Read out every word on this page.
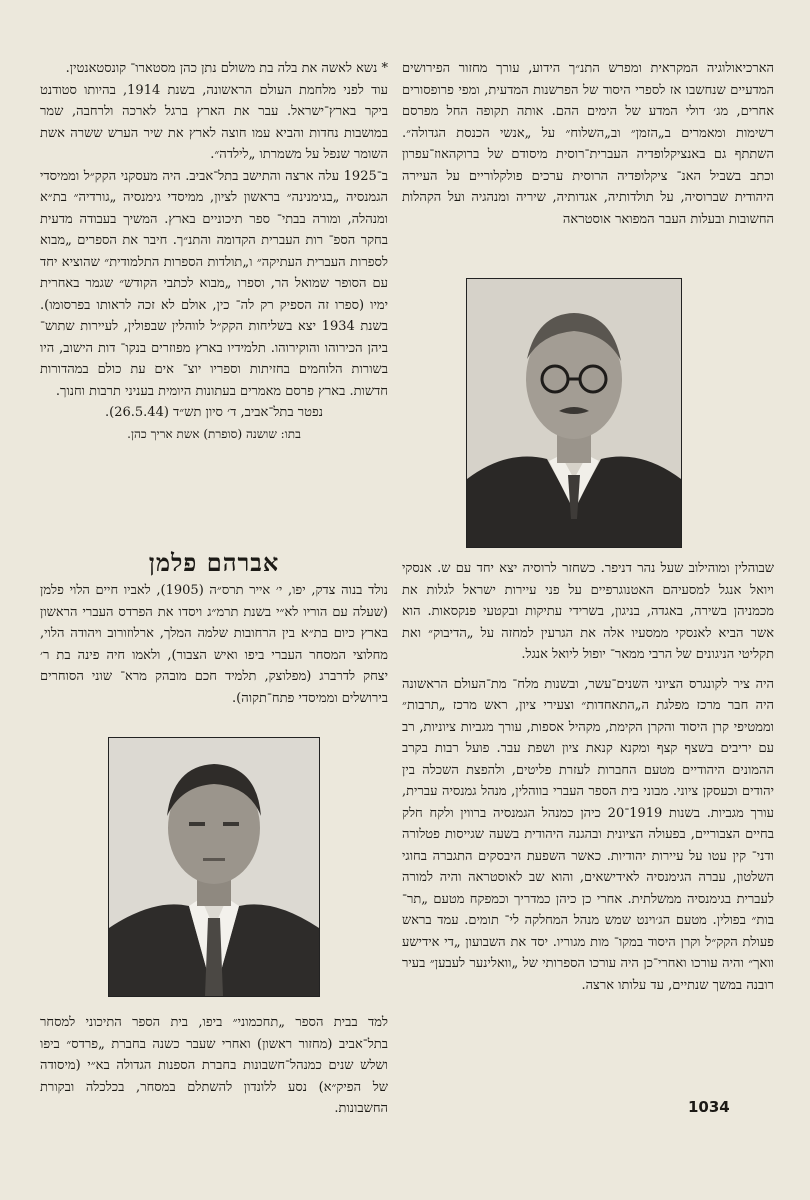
הארכיאולוגיה המקראית ומפרש התנ״ך הידוע, עורך מחזור הפירושים המדעיים שנחשבו אז לספרי היסוד של הפרשנות המדעית, ומפי פרופסורים אחרים, מג׳ דולי המדע של הימים ההם. אותה תקופה החל מפרסם רשימות ומאמרים ב„הזמן״ וב„השלוח״ על „אנשי הכנסת הגדולה״. השתתף גם באנציקלופדיה העברית־רוסית מיסודם של ברוקהאוז־עפרון וכתב בשביל האנ־ ציקלופדיה הרוסית ערכים פולקלוריים על העיירה היהודית שברוסיה, על תולדותיה, אגדותיה, שיריה ומנהגיה ועל הקהלות החשובות ובעלות העבר המפואר אוסטראה

שבוהלין ומוהילוב שעל נהר דניפר. כשחזר לרוסיה יצא יחד עם ש. אנסקי ויואל אנגל למסעיהם האטנוגרפיים על פני עיירות ישראל לגלות את מכמניהן בשירה, באגדה, בניגון, בשרידי עתיקות ובקטעי פנקסאות. הוא אשר הביא לאנסקי ממסעיו אלה את הגרעין למחזה על „הדיבוק״ ואת תקליטי הניגונים של הרבי ממאר־ יופול ליואל אנגל.

היה ציר לקונגרס הציוני השנים־עשר, ובשנות מלח־ מת־העולם הראשונה היה חבר מרכז מפלגת ה„התאחדות״ וצעירי ציון, ראש מרכז „תרבות״ וממטיפי קרן היסוד והקרן הקימת, מקהיל אספות, עורך מגביות ציוניות, רב עם יריבים בשצף קצף ומקנא קנאת ציון ושפת עבר. פועל רבות בקרב ההמונים היהודיים מטעם החברות לעזרת פליטים, ולהפצת השכלה בין יהודים וכעסקן ציוני. מבוני בית הספר העברי בווהלין, מנהל גמנסיה עברית, עורך מגביות. בשנות 1919־20 כיהן כמנהל הגמנסיה ברווין ולקח חלק בחיים הצבוריים, בפעולה הציונית ובהגנה היהודית בשעה שגייסות פטלורה ודני־ קין עטו על עיירות יהודיות. כאשר השפעת היבסקים התגברה בחוגי השלטון, עברה הגימנסיה לאידישאים, והוא שב לאוסטראה והיה למורה לעברית בגימנסיה ממשלתית. אחרי כן כיהן כמדריך וכמפקח מטעם „תר־ בות״ בפולין. מטעם הג׳וינט שמש מנהל המחלקה לי־ תומים. עמד בראש פעולת הקק״ל וקרן היסוד במקו־ מות מגוריו. יסד את השבועון „די אידישע וואך״ והיה עורכו ואחרי־כן היה עורכו הספרותי של „וואלינער לעבען״ בעיר רובנה במשך שנתיים, עד עלותו ארצה.

* נשא לאשה את בלה בת משולם נתן כהן מסטארו־ קונסטאנטין.

עוד לפני מלחמת העולם הראשונה, בשנת 1914, בהיותו סטודנט ביקר בארץ־ישראל. עבר את הארץ ברגל לארכה ולרחבה, שמר במושבות נחדות והביא עמו חוצה לארץ את שיר הערש ששרה אשת השומר שנפל על משמרתו „לילדה״.

ב־1925 עלה ארצה והתישב בתל־אביב. היה מעסקני הקק״ל וממיסדי הגמנסיה „בגימנינה״ בראשון לציון, ממיסדי גימנסיה „גורדיה״ בת״א ומנהלה, ומורה בבתי־ ספר תיכוניים בארץ. המשיך בעבודה מדעית בחקר הספ־ רות העברית הקדומה והתנ״ך. חיבר את הספרים „מבוא לספרות העברית העתיקה״ ו„תולדות הספרות התלמודית״ שהוציא יחד עם הסופר שמואל הר, וספרו „מבוא לכתבי הקודש״ שגמר באחרית ימיו (ספרו זה הספיק רק לה־ כין, אולם לא זכה לראותו בפרסומו). בשנת 1934 יצא בשליחות הקק״ל לווהלין שבפולין, לעיירות שתוש־ ביהן הכירוהו והוקירוהו. תלמידיו בארץ מפוזרים בנקו־ דות הישוב, היו בשורות הלוחמים בחזיתות וספריו יוצ־ אים עת כולם במהדורות חדשות. בארץ פרסם מאמרים בעתונות היומית בעניני תרבות וחנוך.

נפטר בתל־אביב, ד׳ סיון תש״ד (26.5.44).

בתו: שושנה (סופרת) אשת אריך כהן.

אברהם פלמן

נולד בנוה צדק, יפו, י׳ אייר תרס״ה (1905), לאביו חיים הלוי פלמן (שעלה עם הוריו לא״י בשנת תרמ״ג ויסדו את הפרדס העברי הראשון בארץ כיום בת״א בין הרחובות שלמה המלך, ארלוזורוב ויהודה הלוי, מחלוצי המסחר העברי ביפו ואיש הצבור), ולאמו חיה פינה בת ר׳ יצחק לדרברג (מפלוצק, תלמיד חכם מובהק מרא־ שוני הסוחרים בירושלים וממיסדי פתח־תקוה).

למד בבית הספר „תחכמוני״ ביפו, בית הספר התיכוני למסחר בתל־אביב (מחזור ראשון) ואחרי שעבר כשנה בחברת „פרדס״ ביפו ושלש שנים כמנהל־חשבונות בחברת הספנות הגדולה בא״י (מיסודה של הפיק״א) נסע ללונדון להשתלם במסחר, בכלכלה ובקורת החשבונות.	1034
